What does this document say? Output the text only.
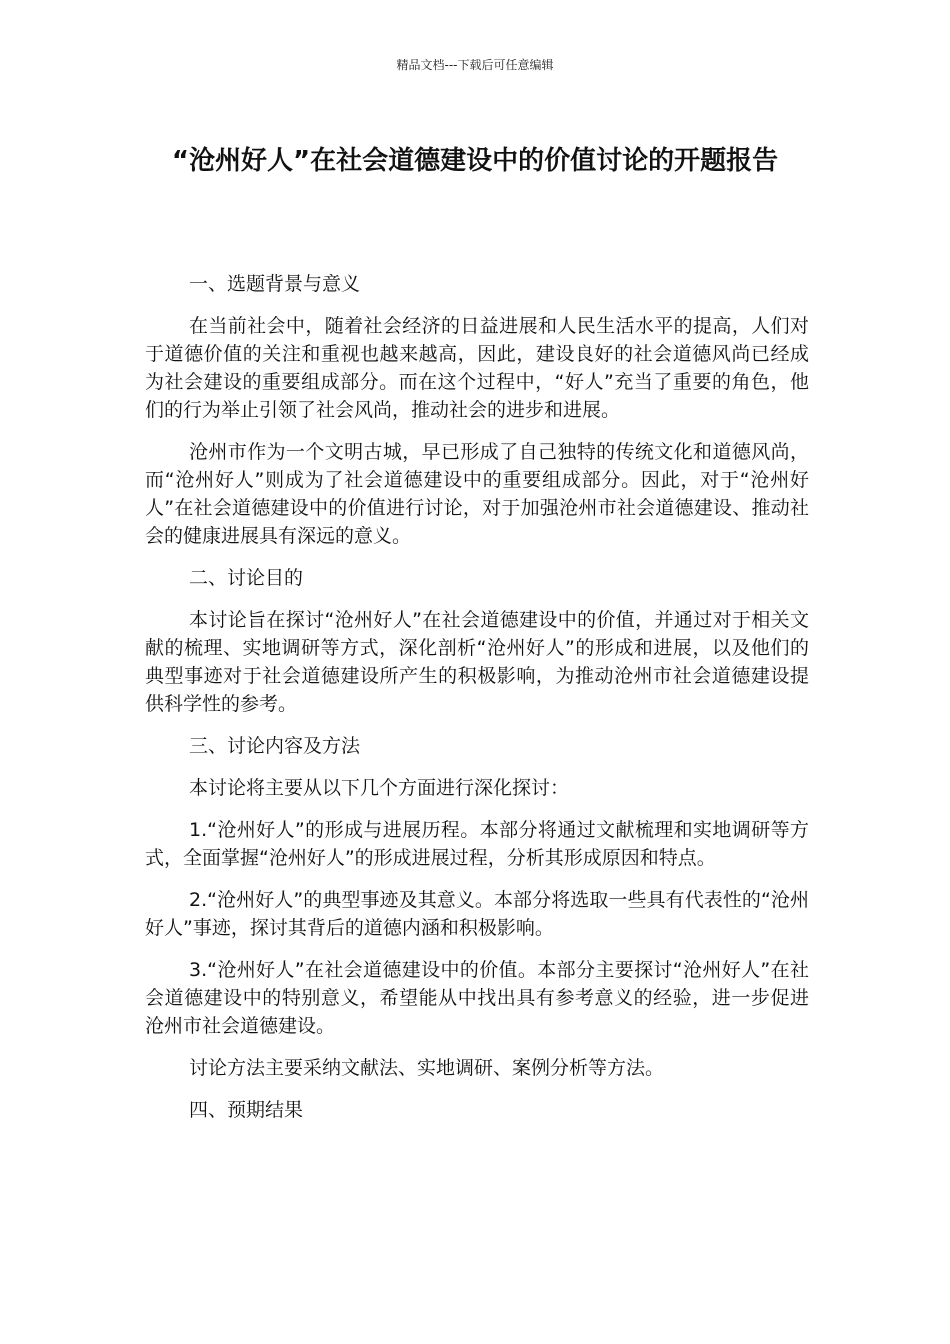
精品文档---下载后可任意编辑
“沧州好人”在社会道德建设中的价值讨论的开题报告

一、选题背景与意义

在当前社会中，随着社会经济的日益进展和人民生活水平的提高，人们对于道德价值的关注和重视也越来越高，因此，建设良好的社会道德风尚已经成为社会建设的重要组成部分。而在这个过程中，“好人”充当了重要的角色，他们的行为举止引领了社会风尚，推动社会的进步和进展。

沧州市作为一个文明古城，早已形成了自己独特的传统文化和道德风尚，而“沧州好人”则成为了社会道德建设中的重要组成部分。因此，对于“沧州好人”在社会道德建设中的价值进行讨论，对于加强沧州市社会道德建设、推动社会的健康进展具有深远的意义。

二、讨论目的

本讨论旨在探讨“沧州好人”在社会道德建设中的价值，并通过对于相关文献的梳理、实地调研等方式，深化剖析“沧州好人”的形成和进展，以及他们的典型事迹对于社会道德建设所产生的积极影响，为推动沧州市社会道德建设提供科学性的参考。

三、讨论内容及方法

本讨论将主要从以下几个方面进行深化探讨：

1.“沧州好人”的形成与进展历程。本部分将通过文献梳理和实地调研等方式，全面掌握“沧州好人”的形成进展过程，分析其形成原因和特点。

2.“沧州好人”的典型事迹及其意义。本部分将选取一些具有代表性的“沧州好人”事迹，探讨其背后的道德内涵和积极影响。

3.“沧州好人”在社会道德建设中的价值。本部分主要探讨“沧州好人”在社会道德建设中的特别意义，希望能从中找出具有参考意义的经验，进一步促进沧州市社会道德建设。

讨论方法主要采纳文献法、实地调研、案例分析等方法。

四、预期结果
